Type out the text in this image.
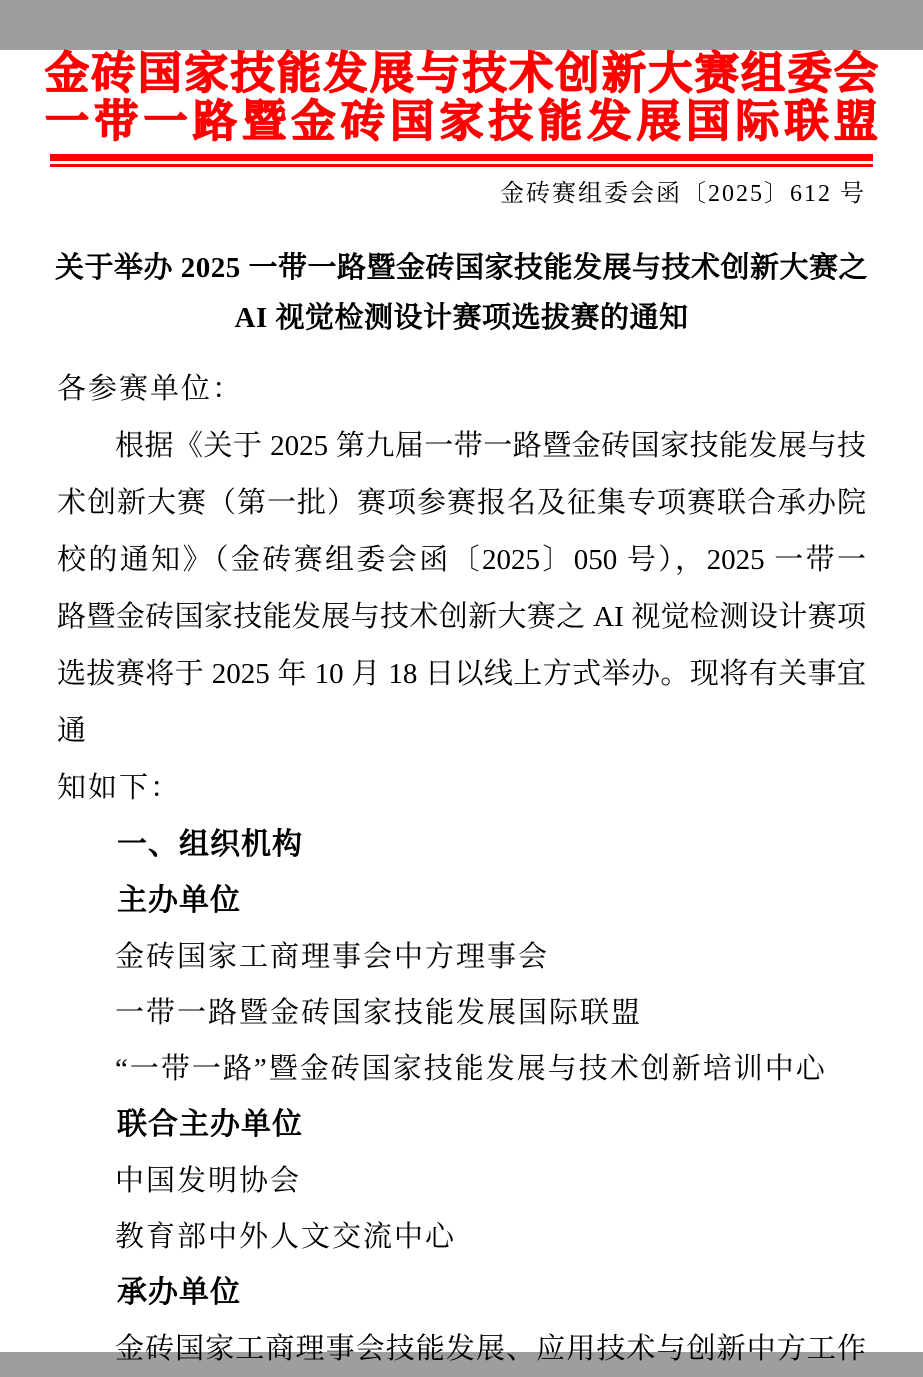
金砖国家技能发展与技术创新大赛组委会
一带一路暨金砖国家技能发展国际联盟
金砖赛组委会函〔2025〕612 号
关于举办 2025 一带一路暨金砖国家技能发展与技术创新大赛之
AI 视觉检测设计赛项选拔赛的通知
各参赛单位：
根据《关于 2025 第九届一带一路暨金砖国家技能发展与技
术创新大赛（第一批）赛项参赛报名及征集专项赛联合承办院
校的通知》（金砖赛组委会函〔2025〕050 号），2025 一带一
路暨金砖国家技能发展与技术创新大赛之 AI 视觉检测设计赛项
选拔赛将于 2025 年 10 月 18 日以线上方式举办。现将有关事宜通
知如下：
一、组织机构
主办单位
金砖国家工商理事会中方理事会
一带一路暨金砖国家技能发展国际联盟
“一带一路”暨金砖国家技能发展与技术创新培训中心
联合主办单位
中国发明协会
教育部中外人文交流中心
承办单位
金砖国家工商理事会技能发展、应用技术与创新中方工作
